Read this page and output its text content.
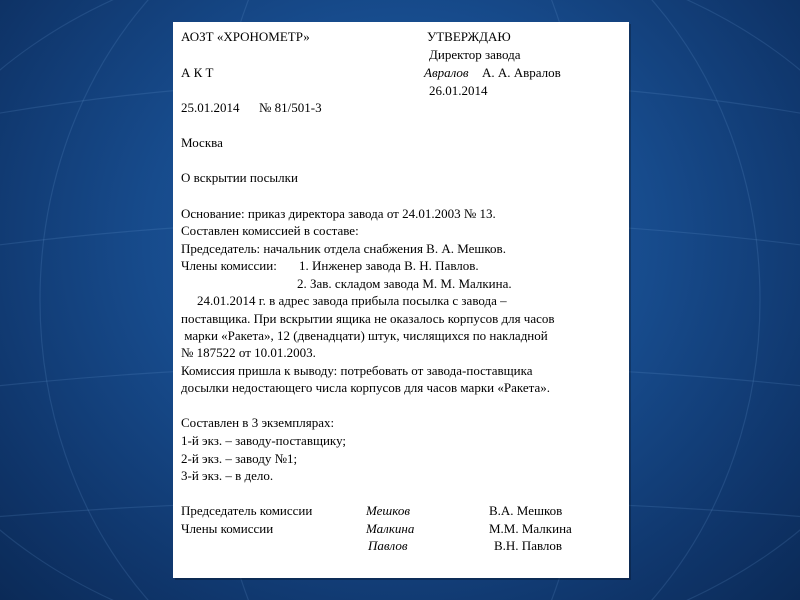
АОЗТ «ХРОНОМЕТР»	УТВЕРЖДАЮ
Директор завода
А К Т	Авралов А. А. Авралов
26.01.2014
25.01.2014      № 81/501-3
Москва
О вскрытии посылки
Основание: приказ директора завода от 24.01.2003 № 13.
Составлен комиссией в составе:
Председатель: начальник отдела снабжения В. А. Мешков.
Члены комиссии: 1. Инженер завода В. Н. Павлов.
2. Зав. складом завода М. М. Малкина.
24.01.2014 г. в адрес завода прибыла посылка с завода –
поставщика. При вскрытии ящика не оказалось корпусов для часов
марки «Ракета», 12 (двенадцати) штук, числящихся по накладной
№ 187522 от 10.01.2003.
Комиссия пришла к выводу: потребовать от завода-поставщика
досылки недостающего числа корпусов для часов марки «Ракета».
Составлен в 3 экземплярах:
1-й экз. – заводу-поставщику;
2-й экз. – заводу №1;
3-й экз. – в дело.
Председатель комиссии	Мешков	В.А. Мешков
Члены комиссии	Малкина	М.М. Малкина
Павлов	В.Н. Павлов
